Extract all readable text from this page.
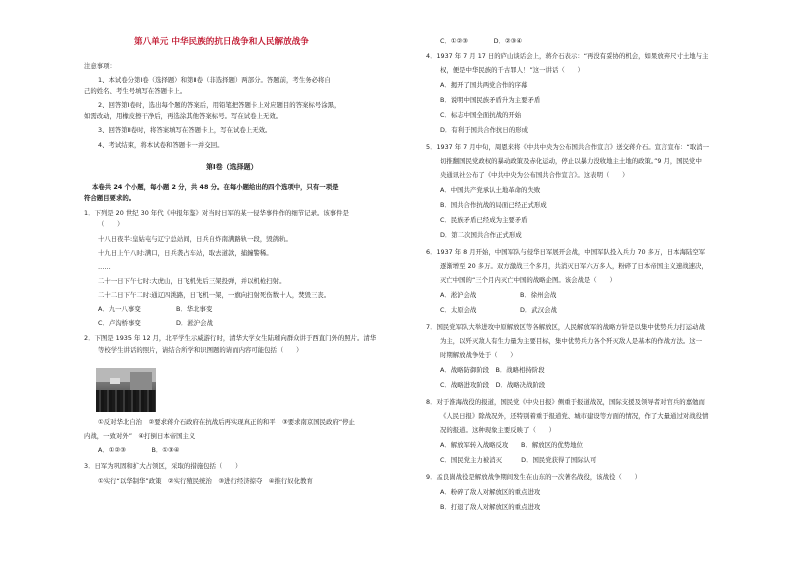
第八单元 中华民族的抗日战争和人民解放战争
注意事项：
1、本试卷分第Ⅰ卷（选择题）和第Ⅱ卷（非选择题）两部分。答题前，考生务必将自
己的姓名、考生号填写在答题卡上。
2、回答第Ⅰ卷时，选出每个题的答案后，用铅笔把答题卡上对应题目的答案标号涂黑，
如需改动，用橡皮擦干净后，再选涂其他答案标号。写在试卷上无效。
3、回答第Ⅱ卷时，将答案填写在答题卡上，写在试卷上无效。
4、考试结束，将本试卷和答题卡一并交回。
第Ⅰ卷（选择题）
本卷共 24 个小题，每小题 2 分，共 48 分。在每小题给出的四个选项中，只有一项是
符合题目要求的。
1．下列是 20 世纪 30 年代《申报年鉴》对当时日军的某一侵华事件作的细节记录。该事件是
（　　）
十八日夜半:皇姑屯与辽宁总站间，日兵自炸南满路轨一段，毁鸽轨。
十九日上午八时:满口，日兵袭占车站，取去道款，捕鐘警稀。
……
二十一日下午七时:大虎山，日飞机先后三架投弹，并以机枪扫射。
二十二日下午二时:通辽四洮路，日飞机一架，一旗向扫射死伤数十人，焚毁三丧。
A．九一八事变	B．华北事变
C．卢沟桥事变	D．淞沪会战
2．下图是 1935 年 12 月，北平学生示威游行时，清华大学女生陆璀向群众讲于西直门外的照片。清华
等校学生讲话的照片，请结合所学和识图题的请而内容可能包括（　　）
①反对华北自治　②要求蒋介石政府在抗战后再实现真正的和平　③要求南京国民政府“停止
内战，一致对外”　④打倒日本帝国主义
A．①②③　　　　B．①③④
3．日军为巩固和扩大占领区，采取的措施包括（　　）
①实行“以华制华”政策　②实行殖民统治　③进行经济掠夺　④推行奴化教育
C．①②③　　　　D．②③④
4．1937 年 7 月 17 日的庐山谈话会上，蒋介石表示：“再没有妥协的机会，如果放弃尺寸土地与主
权，便是中华民族的千古罪人！”这一讲话（　　）
A．揭开了国共两党合作的序幕
B．说明中国民族矛盾升为主要矛盾
C．标志中国全面抗战的开始
D．有利于国共合作抗日的形成
5．1937 年 7 月中旬，周恩来将《中共中央为公布国共合作宣言》送交蒋介石。宣言宣布：“取消一
切推翻国民党政权的暴动政策及赤化运动，停止以暴力没收地主土地的政策。”9 月，国民党中
央通讯社公布了《中共中央为公布国共合作宣言》。这表明（　　）
A．中国共产党承认土地革命的失败
B．国共合作抗战的局面已经正式形成
C．民族矛盾已经成为主要矛盾
D．第二次国共合作正式形成
6．1937 年 8 月开始，中国军队与侵华日军展开会战，中国军队投入兵力 70 多万，日本海陆空军
逐渐增至 20 多万。双方激战三个多月，共消灭日军六万多人，粉碎了日本帝国主义速战速决，
灭亡中国的“三个月内灭亡中国的战略企图。该会战是（　　）
A．淞沪会战	B．徐州会战
C．太原会战	D．武汉会战
7．国民党军队大举进攻中原解放区等各解放区，人民解放军的战略方针是以集中优势兵力打运动战
为主，以歼灭敌人有生力量为主要目标，集中优势兵力各个歼灭敌人是基本的作战方法。这一
时期解放战争处于（　　）
A．战略防御阶段　B．战略相持阶段
C．战略进攻阶段　D．战略决战阶段
8．对于淮海战役的报道，国民党《中央日报》侧重于报道战况，国际支援及领导者对官兵的嘉勉而
《人民日报》除战况外，还特别着重于报道党、城市建设等方面的情况，作了大量通过对战役情
况的报道。这种现象主要反映了（　　）
A．解放军转入战略反攻　　B．解放区的优势地位
C．国民党主力被消灭　　　D．国民党获得了国际认可
9．孟良崮战役是解放战争期间发生在山东的一次著名战役，该战役（　　）
A．粉碎了敌人对解放区的重点进攻
B．打退了敌人对解放区的重点进攻
